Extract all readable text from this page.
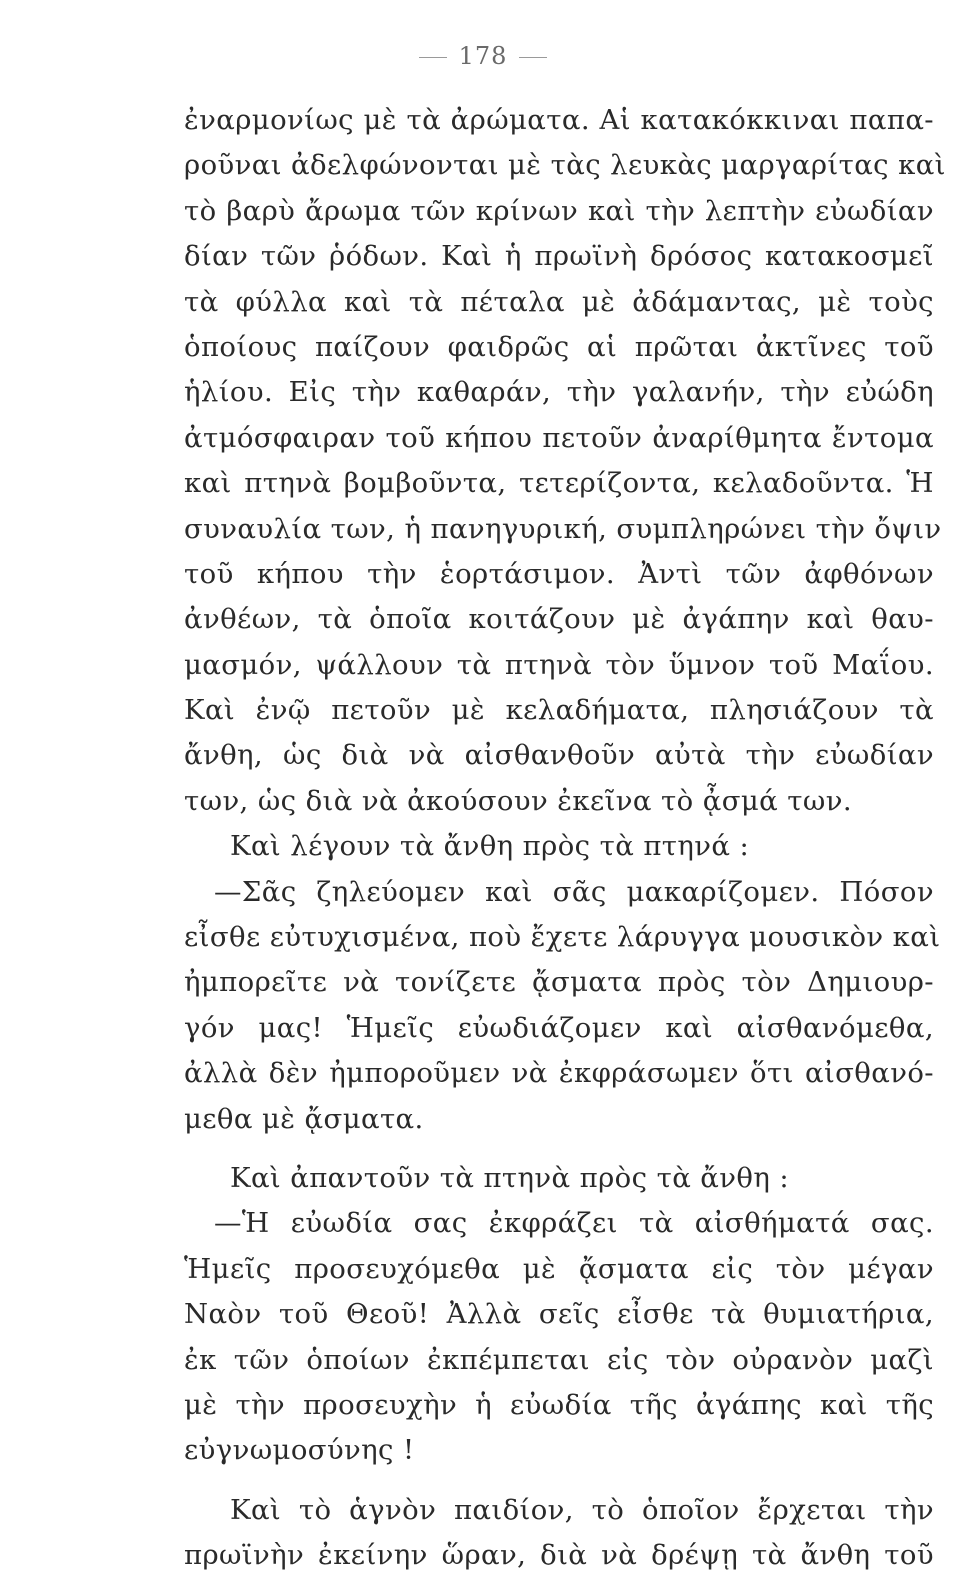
178
ἐναρμονίως μὲ τὰ ἀρώματα. Αἱ κατακόκκιναι παπα-
ροῦναι ἀδελφώνονται μὲ τὰς λευκὰς μαργαρίτας καὶ
τὸ βαρὺ ἄρωμα τῶν κρίνων καὶ τὴν λεπτὴν εὐωδίαν
δίαν τῶν ῥόδων. Καὶ ἡ πρωϊνὴ δρόσος κατακοσμεῖ
τὰ φύλλα καὶ τὰ πέταλα μὲ ἀδάμαντας, μὲ τοὺς
ὁποίους παίζουν φαιδρῶς αἱ πρῶται ἀκτῖνες τοῦ
ἡλίου. Εἰς τὴν καθαράν, τὴν γαλανήν, τὴν εὐώδη
ἀτμόσφαιραν τοῦ κήπου πετοῦν ἀναρίθμητα ἔντομα
καὶ πτηνὰ βομβοῦντα, τετερίζοντα, κελαδοῦντα. Ἡ
συναυλία των, ἡ πανηγυρική, συμπληρώνει τὴν ὄψιν
τοῦ κήπου τὴν ἑορτάσιμον. Ἀντὶ τῶν ἀφθόνων
ἀνθέων, τὰ ὁποῖα κοιτάζουν μὲ ἀγάπην καὶ θαυ-
μασμόν, ψάλλουν τὰ πτηνὰ τὸν ὕμνον τοῦ Μαΐου.
Καὶ ἐνῷ πετοῦν μὲ κελαδήματα, πλησιάζουν τὰ
ἄνθη, ὡς διὰ νὰ αἰσθανθοῦν αὐτὰ τὴν εὐωδίαν
των, ὡς διὰ νὰ ἀκούσουν ἐκεῖνα τὸ ᾆσμά των.
Καὶ λέγουν τὰ ἄνθη πρὸς τὰ πτηνά :
—Σᾶς ζηλεύομεν καὶ σᾶς μακαρίζομεν. Πόσον
εἶσθε εὐτυχισμένα, ποὺ ἔχετε λάρυγγα μουσικὸν καὶ
ἠμπορεῖτε νὰ τονίζετε ᾄσματα πρὸς τὸν Δημιουρ-
γόν μας! Ἡμεῖς εὐωδιάζομεν καὶ αἰσθανόμεθα,
ἀλλὰ δὲν ἠμποροῦμεν νὰ ἐκφράσωμεν ὅτι αἰσθανό-
μεθα μὲ ᾄσματα.
Καὶ ἀπαντοῦν τὰ πτηνὰ πρὸς τὰ ἄνθη :
—Ἡ εὐωδία σας ἐκφράζει τὰ αἰσθήματά σας.
Ἡμεῖς προσευχόμεθα μὲ ᾄσματα εἰς τὸν μέγαν
Ναὸν τοῦ Θεοῦ! Ἀλλὰ σεῖς εἶσθε τὰ θυμιατήρια,
ἐκ τῶν ὁποίων ἐκπέμπεται εἰς τὸν οὐρανὸν μαζὶ
μὲ τὴν προσευχὴν ἡ εὐωδία τῆς ἀγάπης καὶ τῆς
εὐγνωμοσύνης !
Καὶ τὸ ἁγνὸν παιδίον, τὸ ὁποῖον ἔρχεται τὴν
πρωϊνὴν ἐκείνην ὥραν, διὰ νὰ δρέψῃ τὰ ἄνθη τοῦ
